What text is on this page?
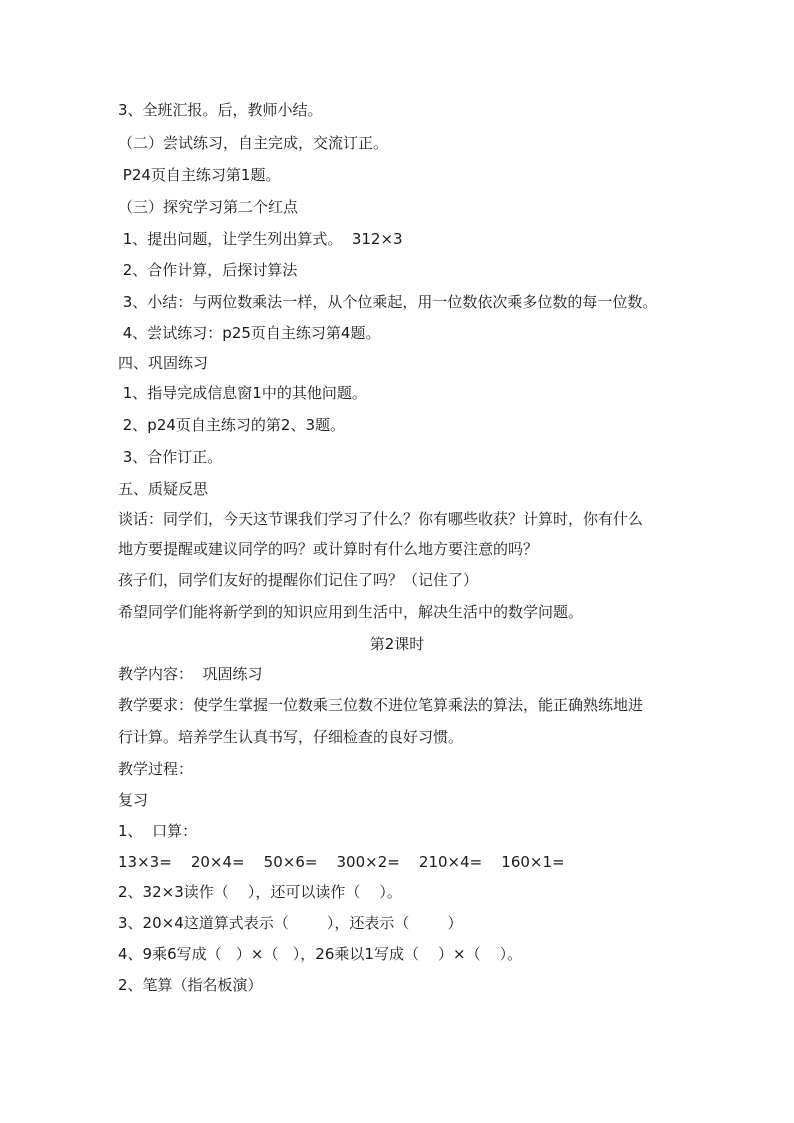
3、全班汇报。后，教师小结。
（二）尝试练习，自主完成，交流订正。
P24页自主练习第1题。
（三）探究学习第二个红点
1、提出问题，让学生列出算式。  312×3
2、合作计算，后探讨算法
3、小结：与两位数乘法一样，从个位乘起，用一位数依次乘多位数的每一位数。
4、尝试练习：p25页自主练习第4题。
四、巩固练习
1、指导完成信息窗1中的其他问题。
2、p24页自主练习的第2、3题。
3、合作订正。
五、质疑反思
谈话：同学们，今天这节课我们学习了什么？你有哪些收获？计算时，你有什么
地方要提醒或建议同学的吗？或计算时有什么地方要注意的吗？
孩子们，同学们友好的提醒你们记住了吗？（记住了）
希望同学们能将新学到的知识应用到生活中，解决生活中的数学问题。
第2课时
教学内容：  巩固练习
教学要求：使学生掌握一位数乘三位数不进位笔算乘法的算法，能正确熟练地进
行计算。培养学生认真书写，仔细检查的良好习惯。
教学过程：
复习
1、  口算：
13×3=    20×4=    50×6=    300×2=    210×4=    160×1=
2、32×3读作（    ），还可以读作（    ）。
3、20×4这道算式表示（        ），还表示（        ）
4、9乘6写成（   ）×（   ），26乘以1写成（    ）×（    ）。
2、笔算（指名板演）
